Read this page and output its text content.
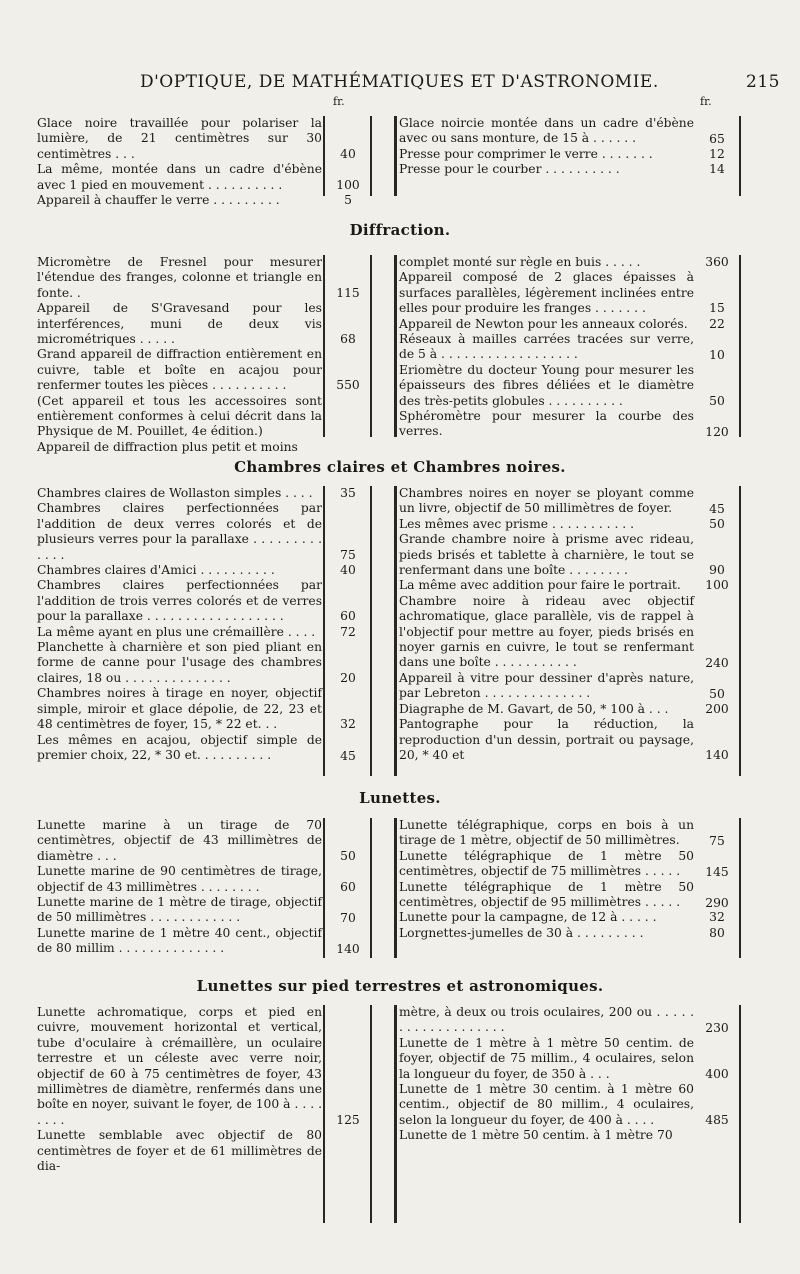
D'OPTIQUE, DE MATHÉMATIQUES ET D'ASTRONOMIE.	215
fr.	fr.
Glace noire travaillée pour polariser la lumière, de 21 centimètres sur 30 centimètres . . .
La même, montée dans un cadre d'ébène avec 1 pied en mouvement . . . . . . . . . .
Appareil à chauffer le verre . . . . . . . . .
40
100
5
Glace noircie montée dans un cadre d'ébène avec ou sans monture, de 15 à . . . . . .
Presse pour comprimer le verre . . . . . . .
Presse pour le courber . . . . . . . . . .
65
12
14
Diffraction.
Micromètre de Fresnel pour mesurer l'étendue des franges, colonne et triangle en fonte. .
Appareil de S'Gravesand pour les interférences, muni de deux vis micrométriques . . . . .
Grand appareil de diffraction entièrement en cuivre, table et boîte en acajou pour renfermer toutes les pièces . . . . . . . . . .
(Cet appareil et tous les accessoires sont entièrement conformes à celui décrit dans la Physique de M. Pouillet, 4e édition.)
Appareil de diffraction plus petit et moins
115
68
550
complet monté sur règle en buis . . . . .
Appareil composé de 2 glaces épaisses à surfaces parallèles, légèrement inclinées entre elles pour produire les franges . . . . . . .
Appareil de Newton pour les anneaux colorés.
Réseaux à mailles carrées tracées sur verre, de 5 à . . . . . . . . . . . . . . . . . .
Eriomètre du docteur Young pour mesurer les épaisseurs des fibres déliées et le diamètre des très-petits globules . . . . . . . . . .
Sphéromètre pour mesurer la courbe des verres.
360
15
22
10
50
120
Chambres claires et Chambres noires.
Chambres claires de Wollaston simples . . . .
Chambres claires perfectionnées par l'addition de deux verres colorés et de plusieurs verres pour la parallaxe . . . . . . . . . . . . .
Chambres claires d'Amici . . . . . . . . . .
Chambres claires perfectionnées par l'addition de trois verres colorés et de verres pour la parallaxe . . . . . . . . . . . . . . . . . .
La même ayant en plus une crémaillère . . . .
Planchette à charnière et son pied pliant en forme de canne pour l'usage des chambres claires, 18 ou . . . . . . . . . . . . . .
Chambres noires à tirage en noyer, objectif simple, miroir et glace dépolie, de 22, 23 et 48 centimètres de foyer, 15, * 22 et. . .
Les mêmes en acajou, objectif simple de premier choix, 22, * 30 et. . . . . . . . . .
35
75
40
60
72
20
32
45
Chambres noires en noyer se ployant comme un livre, objectif de 50 millimètres de foyer.
Les mêmes avec prisme . . . . . . . . . . .
Grande chambre noire à prisme avec rideau, pieds brisés et tablette à charnière, le tout se renfermant dans une boîte . . . . . . . .
La même avec addition pour faire le portrait.
Chambre noire à rideau avec objectif achromatique, glace parallèle, vis de rappel à l'objectif pour mettre au foyer, pieds brisés en noyer garnis en cuivre, le tout se renfermant dans une boîte . . . . . . . . . . .
Appareil à vitre pour dessiner d'après nature, par Lebreton . . . . . . . . . . . . . .
Diagraphe de M. Gavart, de 50, * 100 à . . .
Pantographe pour la réduction, la reproduction d'un dessin, portrait ou paysage, 20, * 40 et
45
50
90
100
240
50
200
140
Lunettes.
Lunette marine à un tirage de 70 centimètres, objectif de 43 millimètres de diamètre . . .
Lunette marine de 90 centimètres de tirage, objectif de 43 millimètres . . . . . . . .
Lunette marine de 1 mètre de tirage, objectif de 50 millimètres . . . . . . . . . . . .
Lunette marine de 1 mètre 40 cent., objectif de 80 millim . . . . . . . . . . . . . .
50
60
70
140
Lunette télégraphique, corps en bois à un tirage de 1 mètre, objectif de 50 millimètres.
Lunette télégraphique de 1 mètre 50 centimètres, objectif de 75 millimètres . . . . .
Lunette télégraphique de 1 mètre 50 centimètres, objectif de 95 millimètres . . . . .
Lunette pour la campagne, de 12 à . . . . .
Lorgnettes-jumelles de 30 à . . . . . . . . .
75
145
290
32
80
Lunettes sur pied terrestres et astronomiques.
Lunette achromatique, corps et pied en cuivre, mouvement horizontal et vertical, tube d'oculaire à crémaillère, un oculaire terrestre et un céleste avec verre noir, objectif de 60 à 75 centimètres de foyer, 43 millimètres de diamètre, renfermés dans une boîte en noyer, suivant le foyer, de 100 à . . . . . . . .
Lunette semblable avec objectif de 80 centimètres de foyer et de 61 millimètres de dia-
125
mètre, à deux ou trois oculaires, 200 ou . . . . . . . . . . . . . . . . . . .
Lunette de 1 mètre à 1 mètre 50 centim. de foyer, objectif de 75 millim., 4 oculaires, selon la longueur du foyer, de 350 à . . .
Lunette de 1 mètre 30 centim. à 1 mètre 60 centim., objectif de 80 millim., 4 oculaires, selon la longueur du foyer, de 400 à . . . .
Lunette de 1 mètre 50 centim. à 1 mètre 70
230
400
485
